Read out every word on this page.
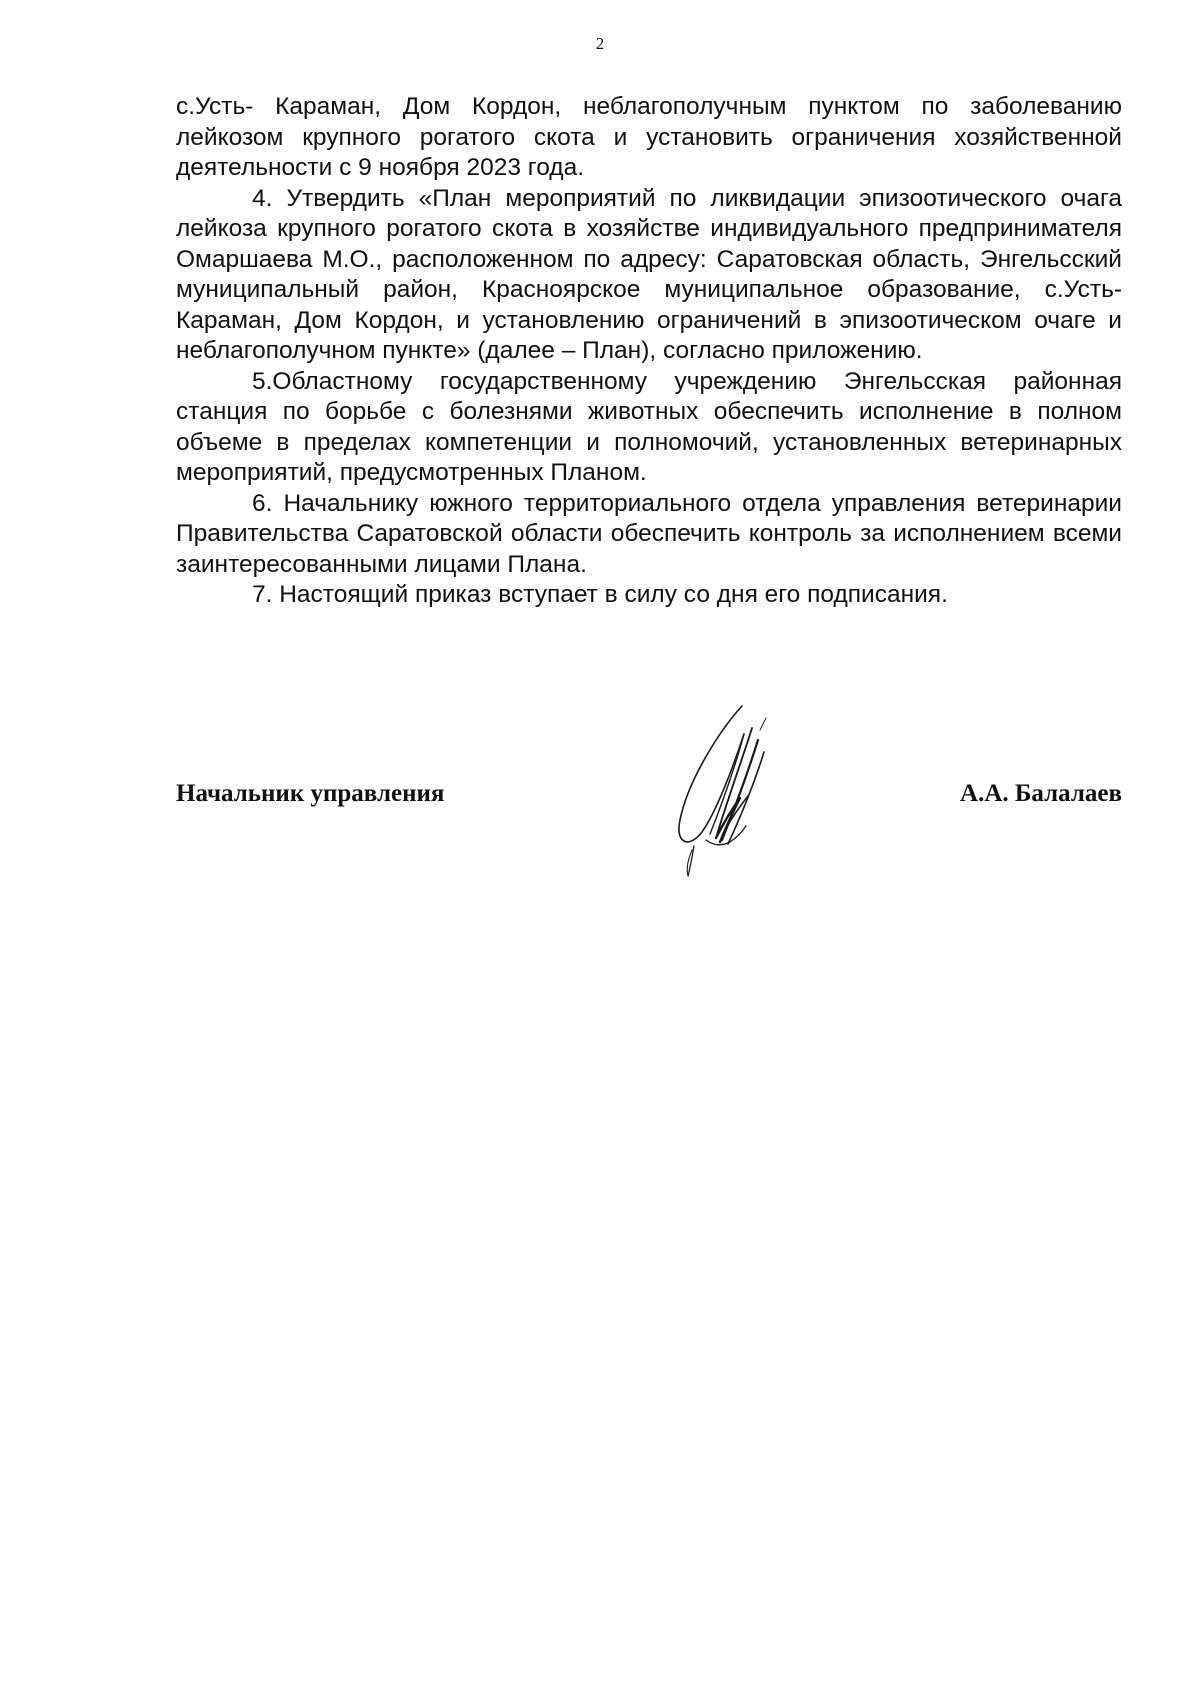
2

с.Усть- Караман, Дом Кордон, неблагополучным пунктом по заболеванию лейкозом крупного рогатого скота и установить ограничения хозяйственной деятельности с 9 ноября 2023 года.

4. Утвердить «План мероприятий по ликвидации эпизоотического очага лейкоза крупного рогатого скота в хозяйстве индивидуального предпринимателя Омаршаева М.О., расположенном по адресу: Саратовская область, Энгельсский муниципальный район, Красноярское муниципальное образование, с.Усть- Караман, Дом Кордон, и установлению ограничений в эпизоотическом очаге и неблагополучном пункте» (далее – План), согласно приложению.

5.Областному государственному учреждению Энгельсская районная станция по борьбе с болезнями животных обеспечить исполнение в полном объеме в пределах компетенции и полномочий, установленных ветеринарных мероприятий, предусмотренных Планом.

6. Начальнику южного территориального отдела управления ветеринарии Правительства Саратовской области обеспечить контроль за исполнением всеми заинтересованными лицами Плана.

7. Настоящий приказ вступает в силу со дня его подписания.

Начальник управления	А.А. Балалаев
